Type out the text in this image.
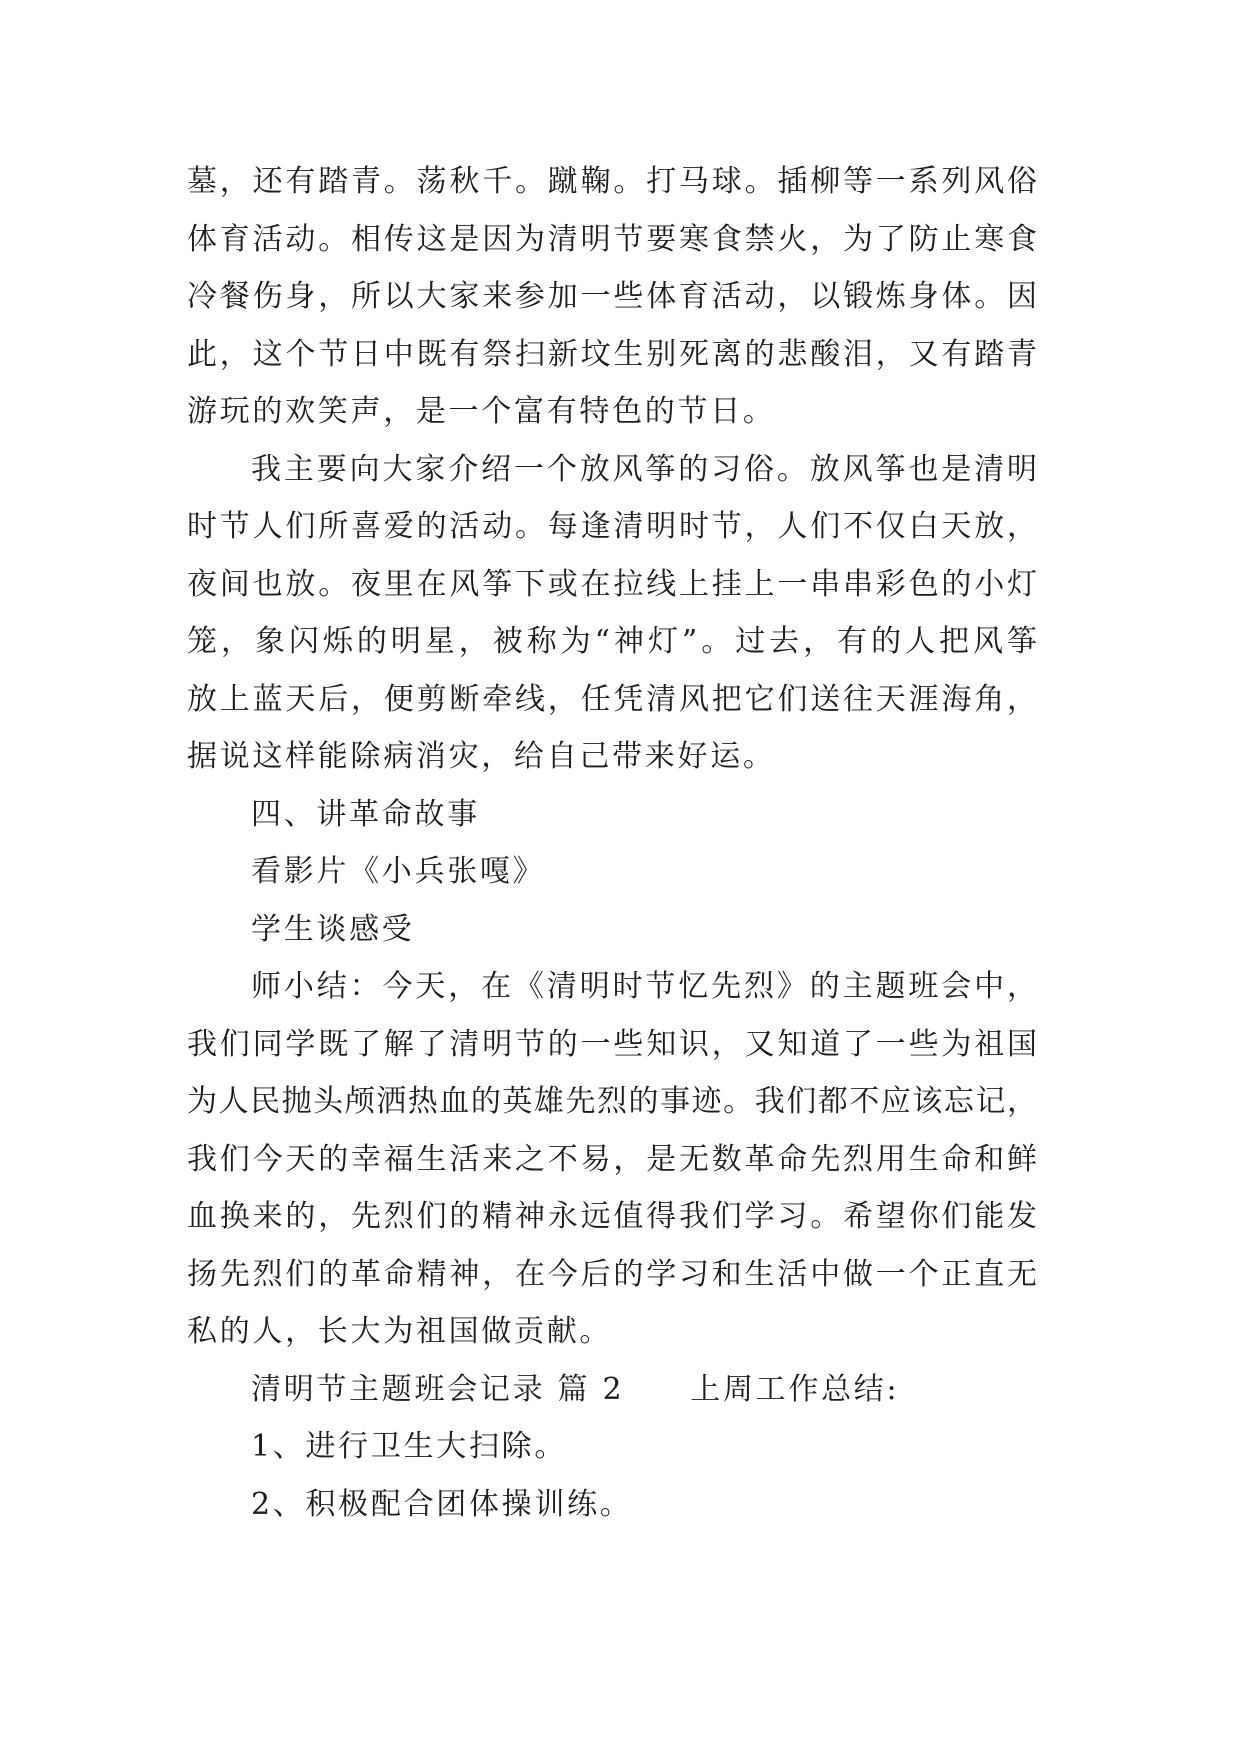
墓，还有踏青。荡秋千。蹴鞠。打马球。插柳等一系列风俗
体育活动。相传这是因为清明节要寒食禁火，为了防止寒食
冷餐伤身，所以大家来参加一些体育活动，以锻炼身体。因
此，这个节日中既有祭扫新坟生别死离的悲酸泪，又有踏青
游玩的欢笑声，是一个富有特色的节日。
我主要向大家介绍一个放风筝的习俗。放风筝也是清明
时节人们所喜爱的活动。每逢清明时节，人们不仅白天放，
夜间也放。夜里在风筝下或在拉线上挂上一串串彩色的小灯
笼，象闪烁的明星，被称为“神灯”。过去，有的人把风筝
放上蓝天后，便剪断牵线，任凭清风把它们送往天涯海角，
据说这样能除病消灾，给自己带来好运。
四、讲革命故事
看影片《小兵张嘎》
学生谈感受
师小结：今天，在《清明时节忆先烈》的主题班会中，
我们同学既了解了清明节的一些知识，又知道了一些为祖国
为人民抛头颅洒热血的英雄先烈的事迹。我们都不应该忘记，
我们今天的幸福生活来之不易，是无数革命先烈用生命和鲜
血换来的，先烈们的精神永远值得我们学习。希望你们能发
扬先烈们的革命精神，在今后的学习和生活中做一个正直无
私的人，长大为祖国做贡献。
清明节主题班会记录 篇 2 上周工作总结:
1、进行卫生大扫除。
2、积极配合团体操训练。
